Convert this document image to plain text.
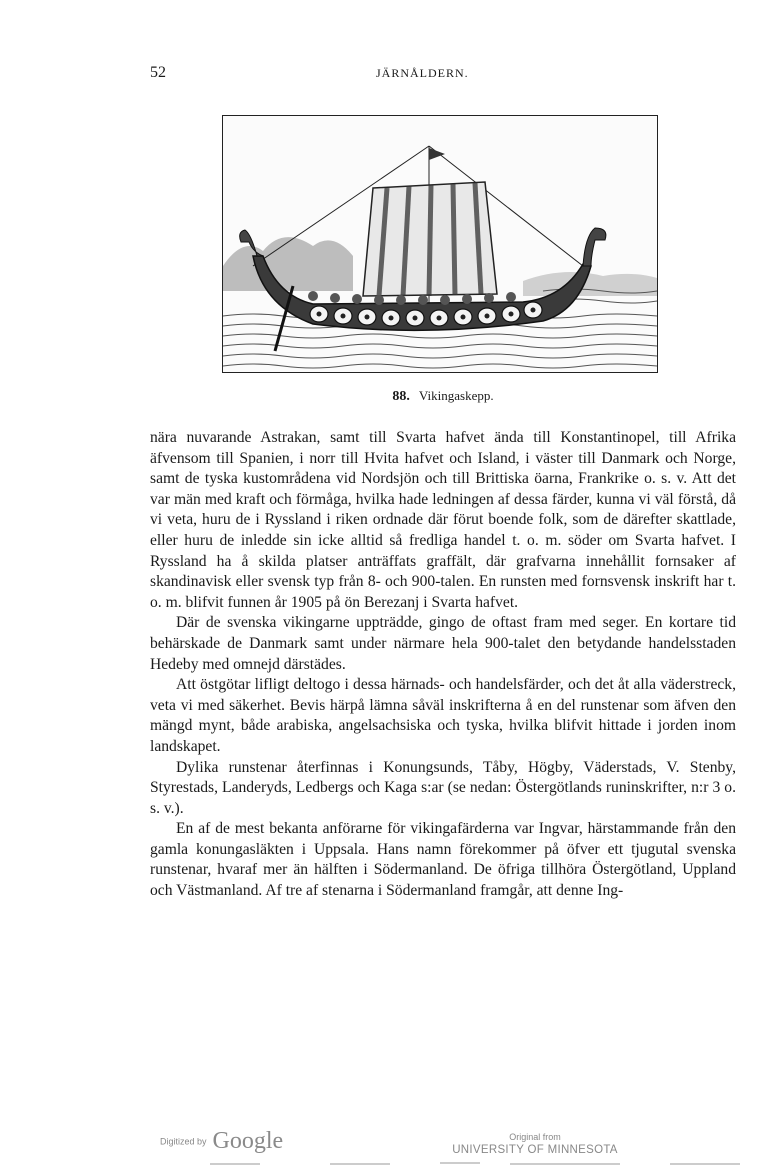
52	JÄRNÅLDERN.
88. Vikingaskepp.

nära nuvarande Astrakan, samt till Svarta hafvet ända till Konstantinopel, till Afrika äfvensom till Spanien, i norr till Hvita hafvet och Island, i väster till Danmark och Norge, samt de tyska kustområdena vid Nordsjön och till Brittiska öarna, Frankrike o. s. v. Att det var män med kraft och förmåga, hvilka hade ledningen af dessa färder, kunna vi väl förstå, då vi veta, huru de i Ryssland i riken ordnade där förut boende folk, som de därefter skattlade, eller huru de inledde sin icke alltid så fredliga handel t. o. m. söder om Svarta hafvet. I Ryssland ha å skilda platser anträffats graffält, där grafvarna innehållit fornsaker af skandinavisk eller svensk typ från 8- och 900-talen. En runsten med fornsvensk inskrift har t. o. m. blifvit funnen år 1905 på ön Berezanj i Svarta hafvet.

Där de svenska vikingarne uppträdde, gingo de oftast fram med seger. En kortare tid behärskade de Danmark samt under närmare hela 900-talet den betydande handelsstaden Hedeby med omnejd därstädes.

Att östgötar lifligt deltogo i dessa härnads- och handelsfärder, och det åt alla väderstreck, veta vi med säkerhet. Bevis härpå lämna såväl inskrifterna å en del runstenar som äfven den mängd mynt, både arabiska, angelsachsiska och tyska, hvilka blifvit hittade i jorden inom landskapet.

Dylika runstenar återfinnas i Konungsunds, Tåby, Högby, Väderstads, V. Stenby, Styrestads, Landeryds, Ledbergs och Kaga s:ar (se nedan: Östergötlands runinskrifter, n:r 3 o. s. v.).

En af de mest bekanta anförarne för vikingafärderna var Ingvar, härstammande från den gamla konungasläkten i Uppsala. Hans namn förekommer på öfver ett tjugutal svenska runstenar, hvaraf mer än hälften i Södermanland. De öfriga tillhöra Östergötland, Uppland och Västmanland. Af tre af stenarna i Södermanland framgår, att denne Ing-

Digitized by Google	Original from
UNIVERSITY OF MINNESOTA
